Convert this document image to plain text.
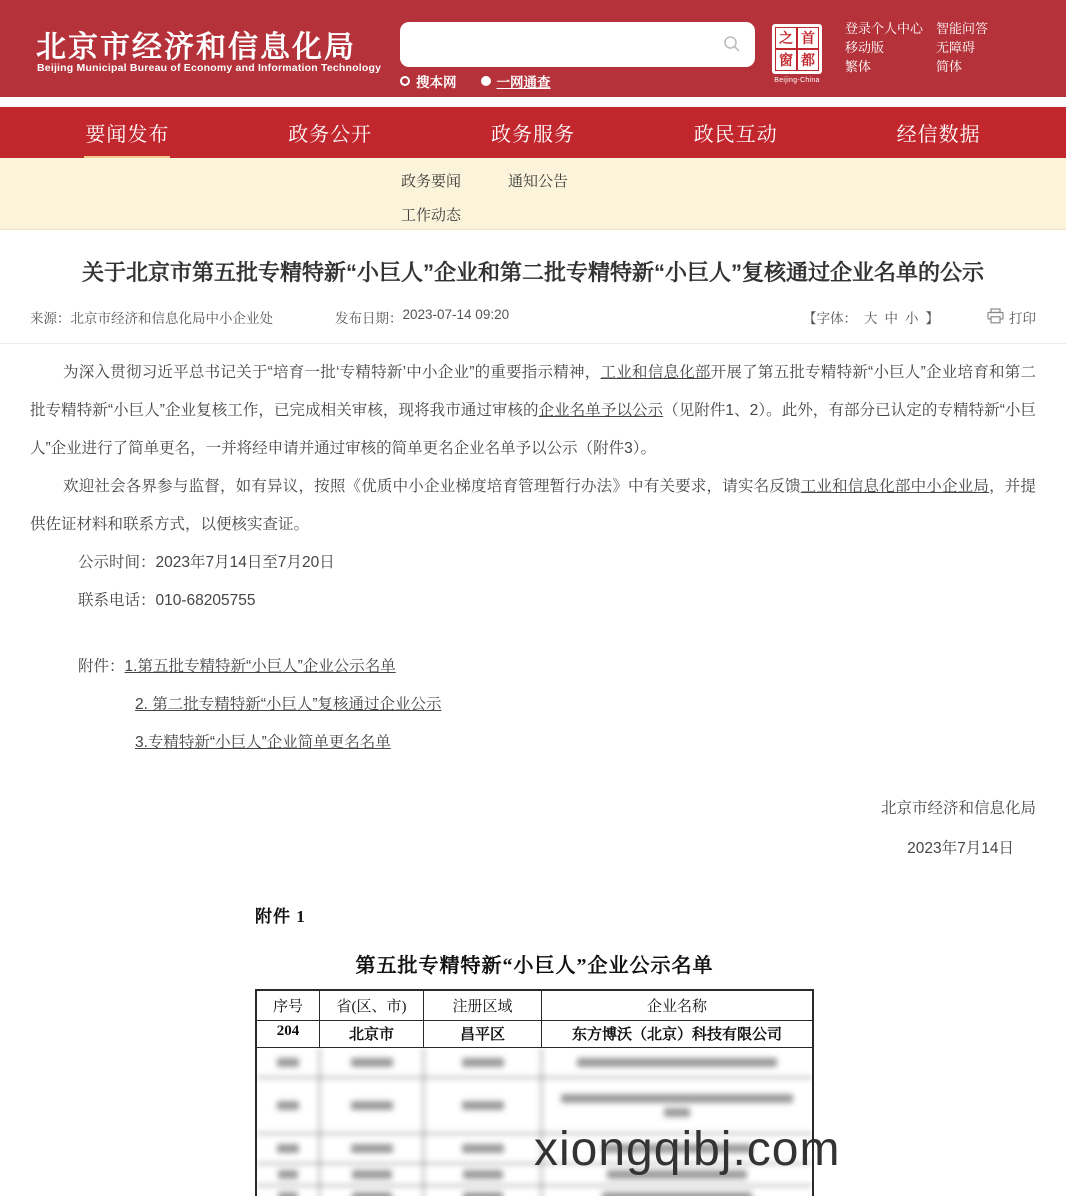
北京市经济和信息化局
Beijing Municipal Bureau of Economy and Information Technology
搜本网	一网通查
之 首
窗 都
Beijing-China
登录个人中心
移动版
繁体
智能问答
无障碍
简体
要闻发布	政务公开	政务服务	政民互动	经信数据
政务要闻	通知公告
工作动态
关于北京市第五批专精特新“小巨人”企业和第二批专精特新“小巨人”复核通过企业名单的公示
来源： 北京市经济和信息化局中小企业处	发布日期： 2023-07-14 09:20	【字体： 大 中 小 】	打印

为深入贯彻习近平总书记关于“培育一批‘专精特新’中小企业”的重要指示精神，工业和信息化部开展了第五批专精特新“小巨人”企业培育和第二批专精特新“小巨人”企业复核工作，已完成相关审核，现将我市通过审核的企业名单予以公示（见附件1、2）。此外，有部分已认定的专精特新“小巨人”企业进行了简单更名，一并将经申请并通过审核的简单更名企业名单予以公示（附件3）。

欢迎社会各界参与监督，如有异议，按照《优质中小企业梯度培育管理暂行办法》中有关要求，请实名反馈工业和信息化部中小企业局，并提供佐证材料和联系方式，以便核实查证。

公示时间：2023年7月14日至7月20日

联系电话：010-68205755

附件： 1.第五批专精特新“小巨人”企业公示名单
2. 第二批专精特新“小巨人”复核通过企业公示
3.专精特新“小巨人”企业简单更名名单
北京市经济和信息化局
2023年7月14日
附件 1
第五批专精特新“小巨人”企业公示名单
序号	省(区、市)	注册区域	企业名称
204	北京市	昌平区	东方博沃（北京）科技有限公司
xiongqibj.com
